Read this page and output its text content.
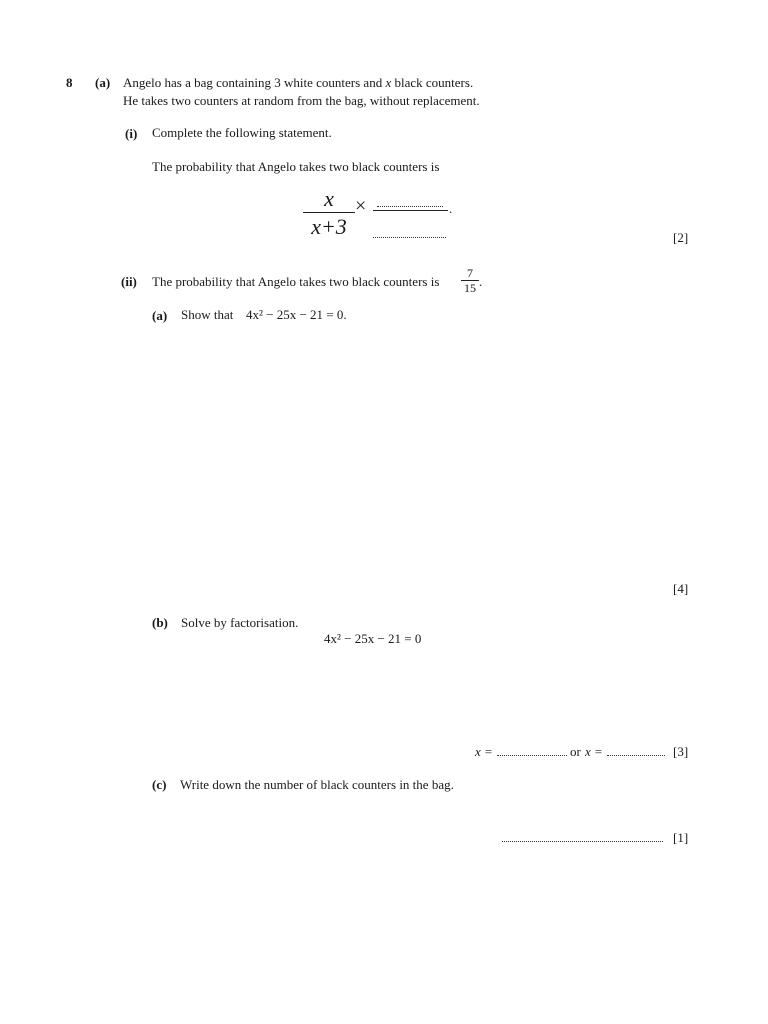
8 (a) Angelo has a bag containing 3 white counters and x black counters.
He takes two counters at random from the bag, without replacement.
(i) Complete the following statement.
The probability that Angelo takes two black counters is
x
x+3
×	.
[2]
(ii) The probability that Angelo takes two black counters is
7
15 .
(a) Show that 4x² − 25x − 21 = 0.
[4]
(b) Solve by factorisation.
4x² − 25x − 21 = 0
x =	or x =	[3]
(c) Write down the number of black counters in the bag.
[1]
